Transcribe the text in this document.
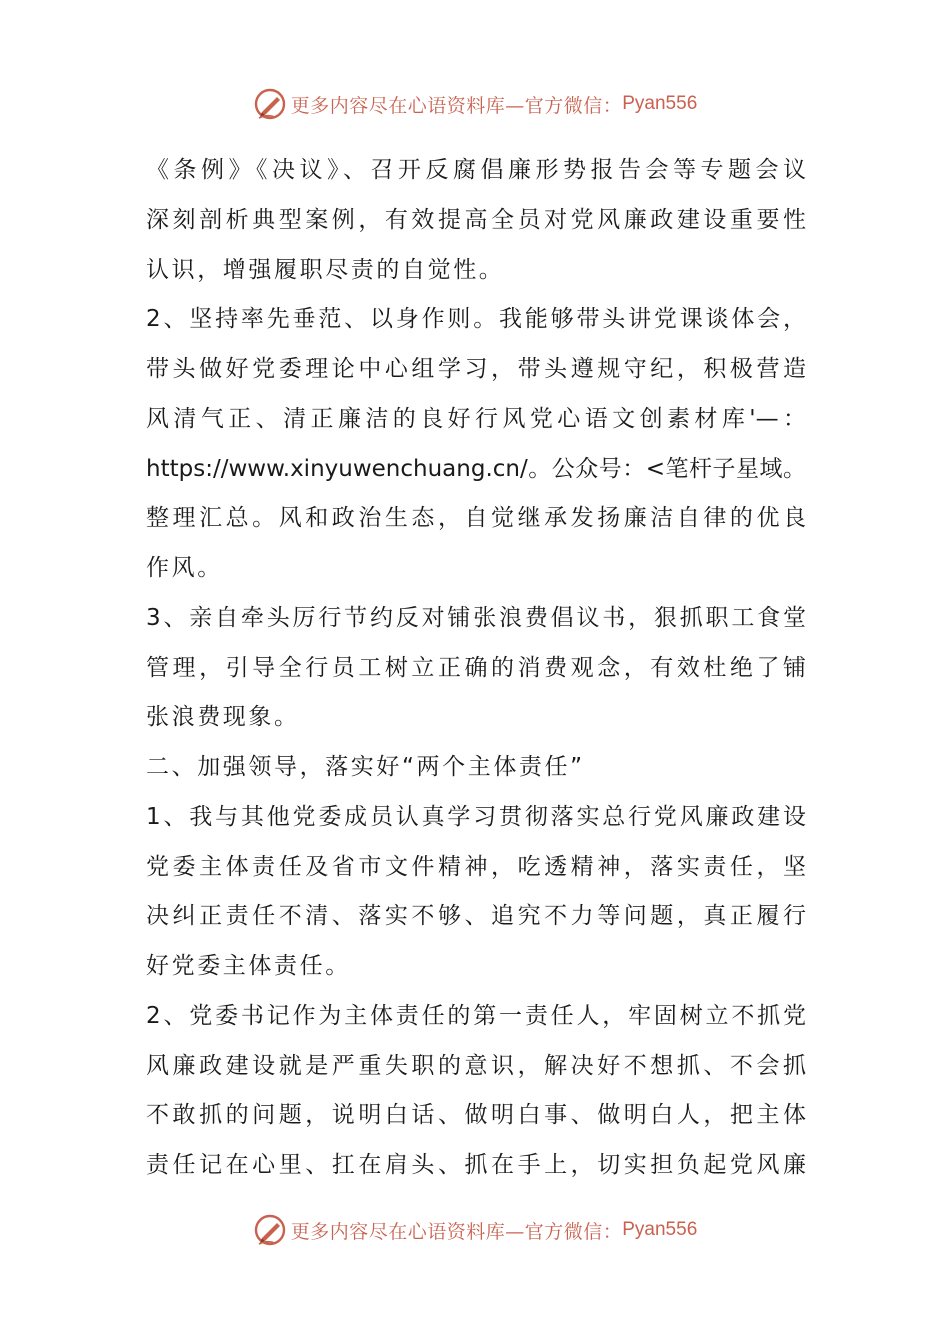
更多内容尽在心语资料库—官方微信： Pyan556
《条例》《决议》、召开反腐倡廉形势报告会等专题会议
深刻剖析典型案例，有效提高全员对党风廉政建设重要性
认识，增强履职尽责的自觉性。
2、坚持率先垂范、以身作则。我能够带头讲党课谈体会，
带头做好党委理论中心组学习，带头遵规守纪，积极营造
风清气正、清正廉洁的良好行风党心语文创素材库'—：
https://www.xinyuwenchuang.cn/。公众号：<笔杆子星域。
整理汇总。风和政治生态，自觉继承发扬廉洁自律的优良
作风。
3、亲自牵头厉行节约反对铺张浪费倡议书，狠抓职工食堂
管理，引导全行员工树立正确的消费观念，有效杜绝了铺
张浪费现象。
二、加强领导，落实好“两个主体责任”
1、我与其他党委成员认真学习贯彻落实总行党风廉政建设
党委主体责任及省市文件精神，吃透精神，落实责任，坚
决纠正责任不清、落实不够、追究不力等问题，真正履行
好党委主体责任。
2、党委书记作为主体责任的第一责任人，牢固树立不抓党
风廉政建设就是严重失职的意识，解决好不想抓、不会抓
不敢抓的问题，说明白话、做明白事、做明白人，把主体
责任记在心里、扛在肩头、抓在手上，切实担负起党风廉
更多内容尽在心语资料库—官方微信： Pyan556
